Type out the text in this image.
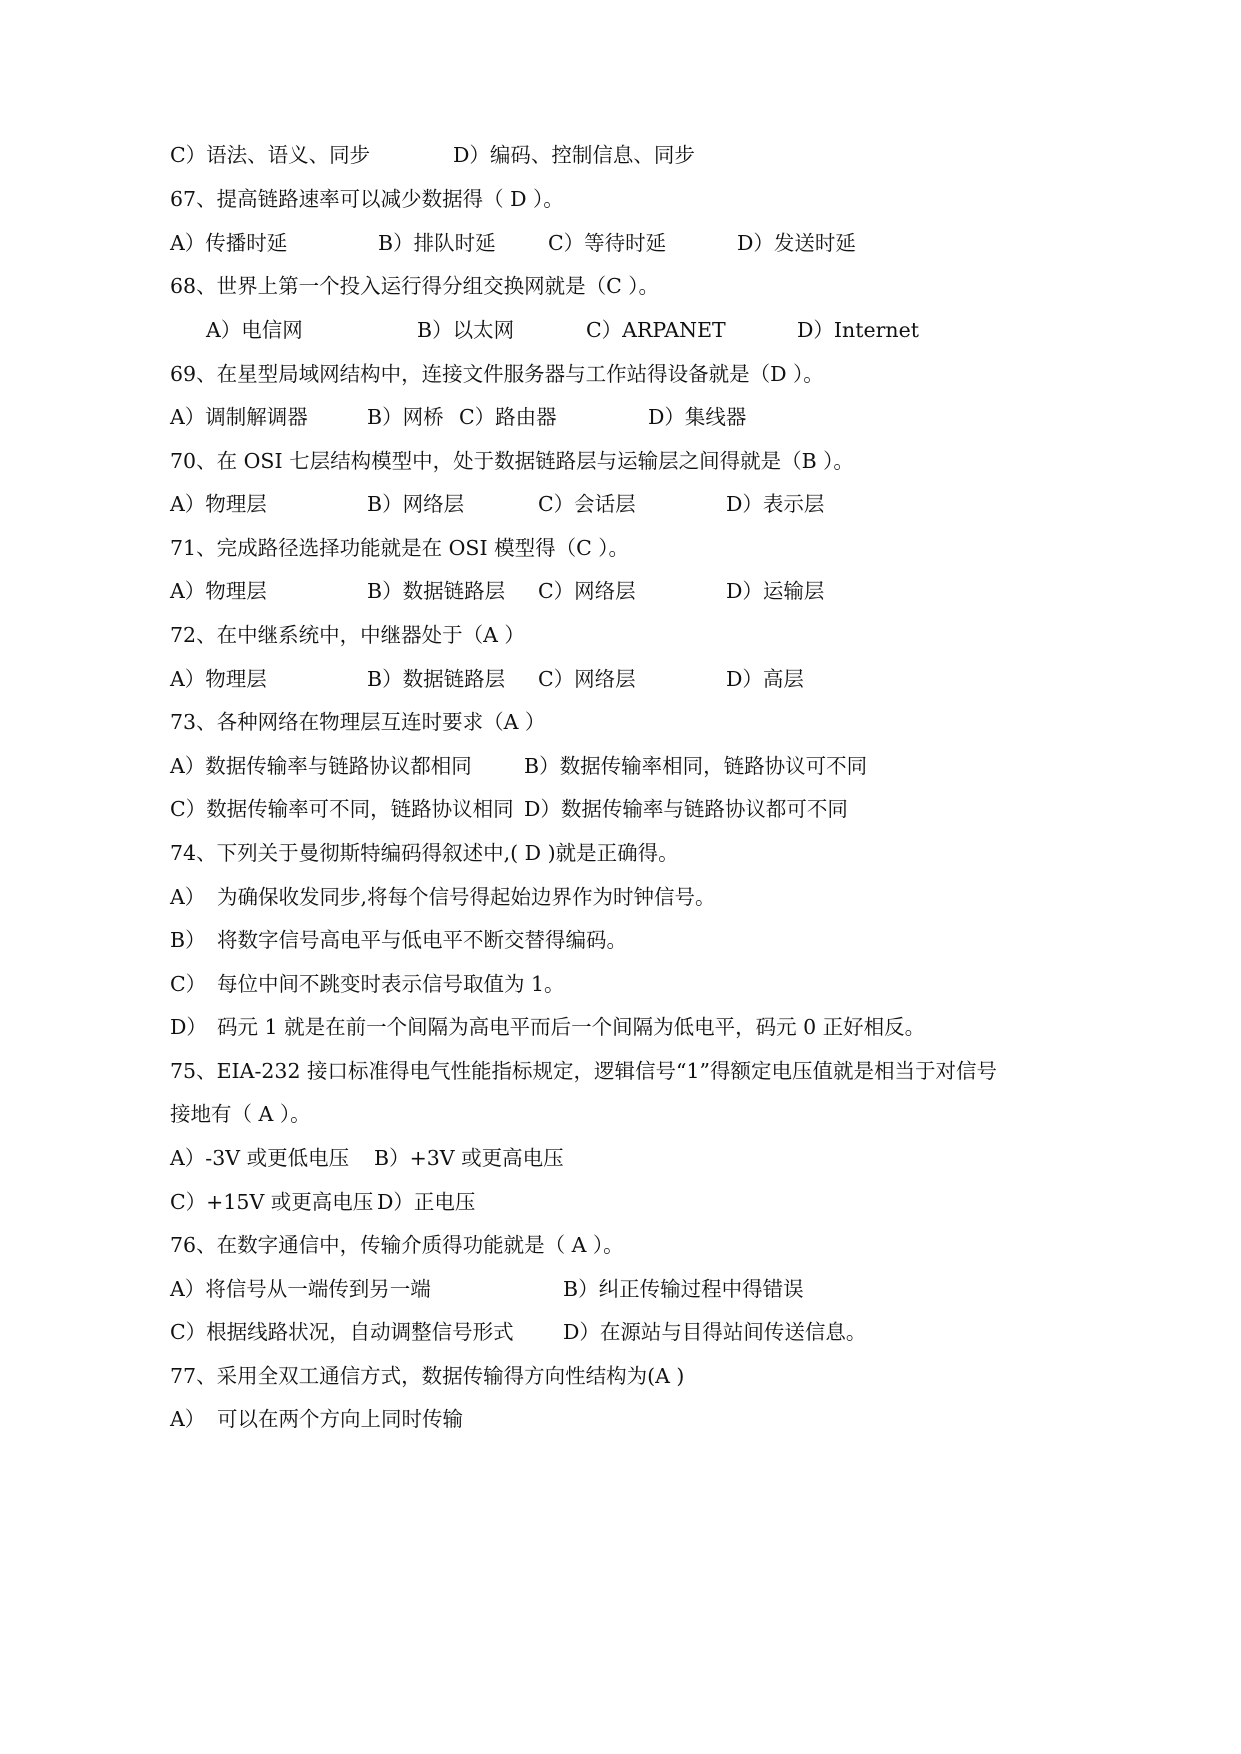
C）语法、语义、同步	D）编码、控制信息、同步
67、提高链路速率可以减少数据得（ D ）。
A）传播时延	B）排队时延	C）等待时延	D）发送时延
68、世界上第一个投入运行得分组交换网就是（C ）。
A）电信网	B）以太网	C）ARPANET	D）Internet
69、在星型局域网结构中，连接文件服务器与工作站得设备就是（D ）。
A）调制解调器	B）网桥 C）路由器	D）集线器
70、在 OSI 七层结构模型中，处于数据链路层与运输层之间得就是（B ）。
A）物理层	B）网络层	C）会话层	D）表示层
71、完成路径选择功能就是在 OSI 模型得（C ）。
A）物理层	B）数据链路层 C）网络层	D）运输层
72、在中继系统中，中继器处于（A ）
A）物理层	B）数据链路层 C）网络层	D）高层
73、各种网络在物理层互连时要求（A ）
A）数据传输率与链路协议都相同	B）数据传输率相同，链路协议可不同
C）数据传输率可不同，链路协议相同 D）数据传输率与链路协议都可不同
74、下列关于曼彻斯特编码得叙述中,( D )就是正确得。
A） 为确保收发同步,将每个信号得起始边界作为时钟信号。
B） 将数字信号高电平与低电平不断交替得编码。
C） 每位中间不跳变时表示信号取值为 1。
D） 码元 1 就是在前一个间隔为高电平而后一个间隔为低电平，码元 0 正好相反。
75、EIA-232 接口标准得电气性能指标规定，逻辑信号“1”得额定电压值就是相当于对信号
接地有（ A ）。
A）-3V 或更低电压 B）+3V 或更高电压
C）+15V 或更高电压 D）正电压
76、在数字通信中，传输介质得功能就是（ A ）。
A）将信号从一端传到另一端	B）纠正传输过程中得错误
C）根据线路状况，自动调整信号形式 D）在源站与目得站间传送信息。
77、采用全双工通信方式，数据传输得方向性结构为(A )
A） 可以在两个方向上同时传输
